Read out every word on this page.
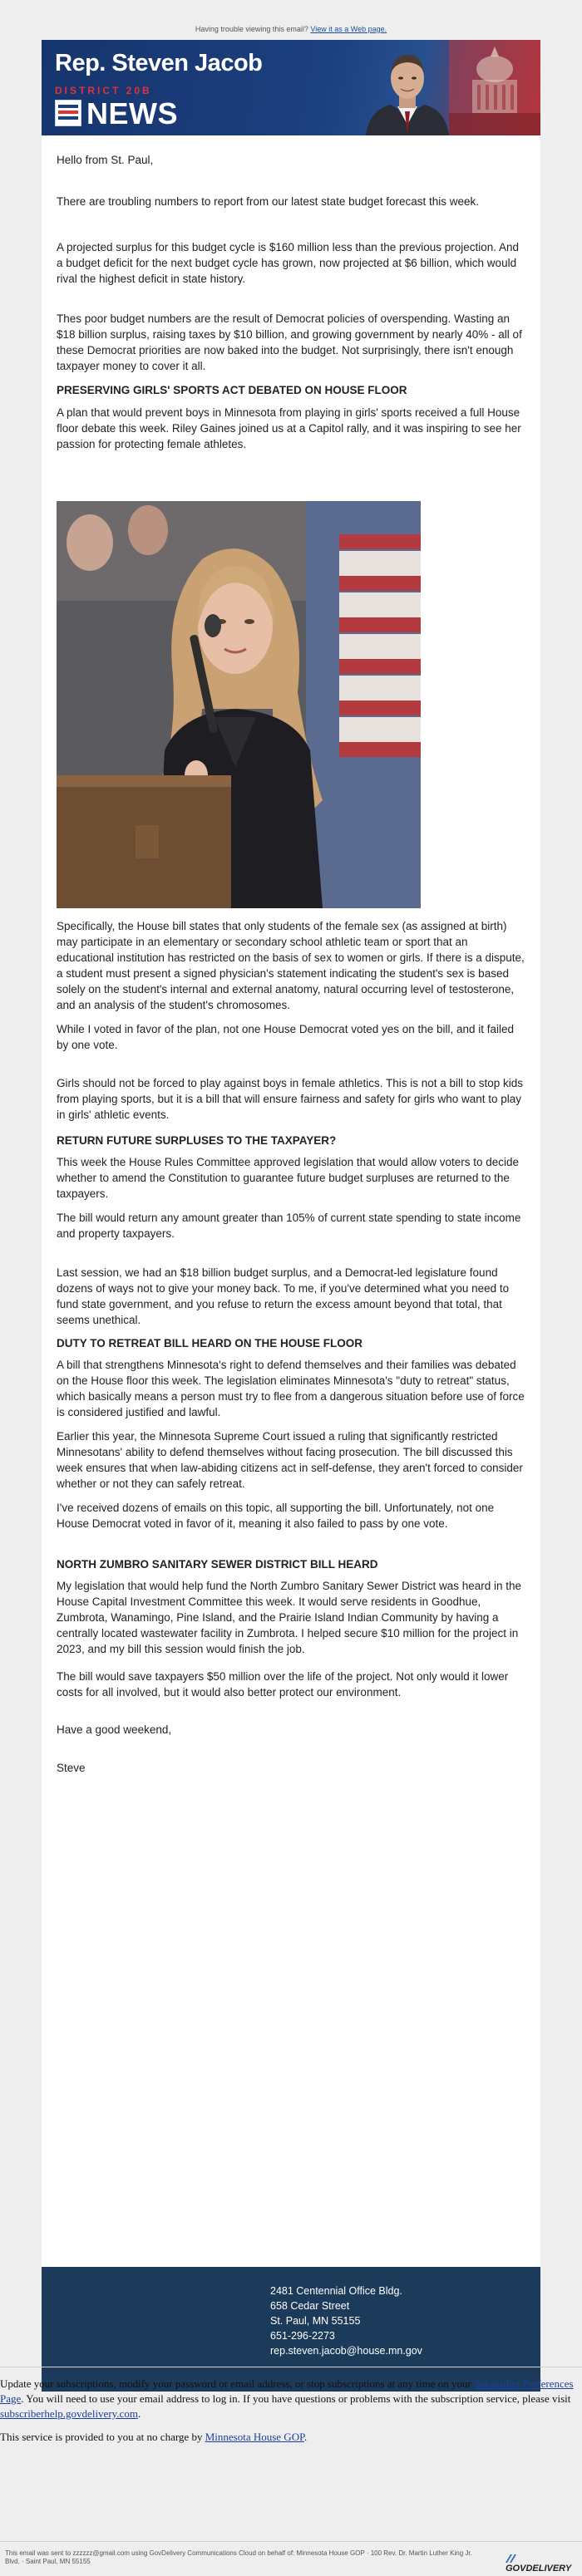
Having trouble viewing this email? View it as a Web page.
Rep. Steven Jacob
DISTRICT 20B
NEWS

Hello from St. Paul,

There are troubling numbers to report from our latest state budget forecast this week.

A projected surplus for this budget cycle is $160 million less than the previous projection. And a budget deficit for the next budget cycle has grown, now projected at $6 billion, which would rival the highest deficit in state history.

Thes poor budget numbers are the result of Democrat policies of overspending. Wasting an $18 billion surplus, raising taxes by $10 billion, and growing government by nearly 40% - all of these Democrat priorities are now baked into the budget. Not surprisingly, there isn't enough taxpayer money to cover it all.

PRESERVING GIRLS' SPORTS ACT DEBATED ON HOUSE FLOOR

A plan that would prevent boys in Minnesota from playing in girls' sports received a full House floor debate this week. Riley Gaines joined us at a Capitol rally, and it was inspiring to see her passion for protecting female athletes.

Specifically, the House bill states that only students of the female sex (as assigned at birth) may participate in an elementary or secondary school athletic team or sport that an educational institution has restricted on the basis of sex to women or girls. If there is a dispute, a student must present a signed physician's statement indicating the student's sex is based solely on the student's internal and external anatomy, natural occurring level of testosterone, and an analysis of the student's chromosomes.

While I voted in favor of the plan, not one House Democrat voted yes on the bill, and it failed by one vote.

Girls should not be forced to play against boys in female athletics. This is not a bill to stop kids from playing sports, but it is a bill that will ensure fairness and safety for girls who want to play in girls' athletic events.

RETURN FUTURE SURPLUSES TO THE TAXPAYER?

This week the House Rules Committee approved legislation that would allow voters to decide whether to amend the Constitution to guarantee future budget surpluses are returned to the taxpayers.

The bill would return any amount greater than 105% of current state spending to state income and property taxpayers.

Last session, we had an $18 billion budget surplus, and a Democrat-led legislature found dozens of ways not to give your money back. To me, if you've determined what you need to fund state government, and you refuse to return the excess amount beyond that total, that seems unethical.

DUTY TO RETREAT BILL HEARD ON THE HOUSE FLOOR

A bill that strengthens Minnesota's right to defend themselves and their families was debated on the House floor this week. The legislation eliminates Minnesota's "duty to retreat" status, which basically means a person must try to flee from a dangerous situation before use of force is considered justified and lawful.

Earlier this year, the Minnesota Supreme Court issued a ruling that significantly restricted Minnesotans' ability to defend themselves without facing prosecution. The bill discussed this week ensures that when law-abiding citizens act in self-defense, they aren't forced to consider whether or not they can safely retreat.

I've received dozens of emails on this topic, all supporting the bill. Unfortunately, not one House Democrat voted in favor of it, meaning it also failed to pass by one vote.

NORTH ZUMBRO SANITARY SEWER DISTRICT BILL HEARD

My legislation that would help fund the North Zumbro Sanitary Sewer District was heard in the House Capital Investment Committee this week. It would serve residents in Goodhue, Zumbrota, Wanamingo, Pine Island, and the Prairie Island Indian Community by having a centrally located wastewater facility in Zumbrota. I helped secure $10 million for the project in 2023, and my bill this session would finish the job.

The bill would save taxpayers $50 million over the life of the project. Not only would it lower costs for all involved, but it would also better protect our environment.

Have a good weekend,

Steve

2481 Centennial Office Bldg.
658 Cedar Street
St. Paul, MN 55155
651-296-2273
rep.steven.jacob@house.mn.gov

Update your subscriptions, modify your password or email address, or stop subscriptions at any time on your Subscriber Preferences Page. You will need to use your email address to log in. If you have questions or problems with the subscription service, please visit subscriberhelp.govdelivery.com.

This service is provided to you at no charge by Minnesota House GOP.

This email was sent to zzzzzz@gmail.com using GovDelivery Communications Cloud on behalf of: Minnesota House GOP · 100 Rev. Dr. Martin Luther King Jr. Blvd. · Saint Paul, MN 55155
GOVDELIVERY
